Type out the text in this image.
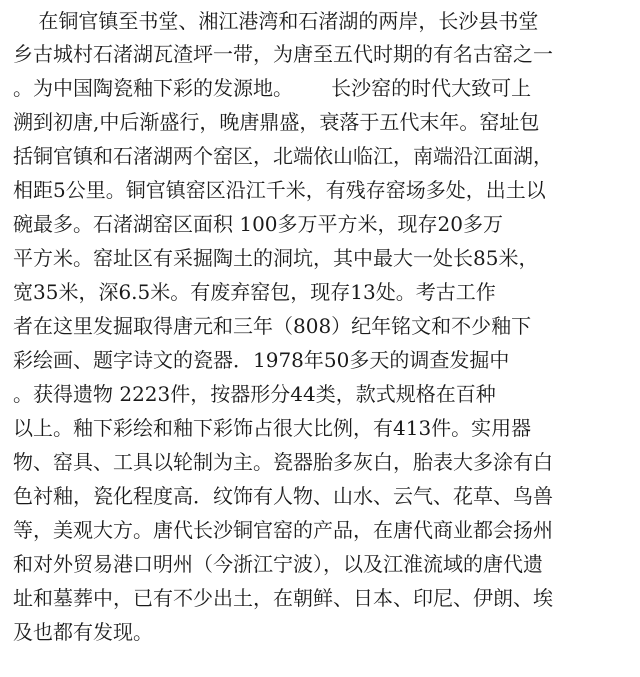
在铜官镇至书堂、湘江港湾和石渚湖的两岸，长沙县书堂
乡古城村石渚湖瓦渣坪一带，为唐至五代时期的有名古窑之一
。为中国陶瓷釉下彩的发源地。      长沙窑的时代大致可上
溯到初唐,中后渐盛行，晚唐鼎盛，衰落于五代末年。窑址包
括铜官镇和石渚湖两个窑区，北端依山临江，南端沿江面湖，
相距5公里。铜官镇窑区沿江千米，有残存窑场多处，出土以
碗最多。石渚湖窑区面积 100多万平方米，现存20多万
平方米。窑址区有采掘陶土的洞坑，其中最大一处长85米，
宽35米，深6.5米。有废弃窑包，现存13处。考古工作
者在这里发掘取得唐元和三年（808）纪年铭文和不少釉下
彩绘画、题字诗文的瓷器．1978年50多天的调查发掘中
。获得遗物 2223件，按器形分44类，款式规格在百种
以上。釉下彩绘和釉下彩饰占很大比例，有413件。实用器
物、窑具、工具以轮制为主。瓷器胎多灰白，胎表大多涂有白
色衬釉，瓷化程度高．纹饰有人物、山水、云气、花草、鸟兽
等，美观大方。唐代长沙铜官窑的产品，在唐代商业都会扬州
和对外贸易港口明州（今浙江宁波），以及江淮流域的唐代遗
址和墓葬中，已有不少出土，在朝鲜、日本、印尼、伊朗、埃
及也都有发现。
